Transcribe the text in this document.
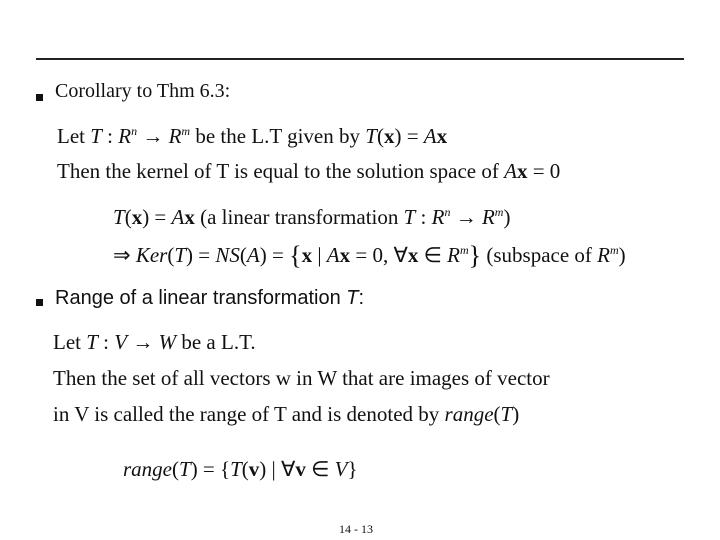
Corollary to Thm 6.3:
Let T : $R^n \to R^m$ be the L.T given by T(x) = Ax
Then the kernel of T is equal to the solution space of Ax = 0
T(x) = Ax (a linear transformation T : $R^n \to R^m$)
⇒ Ker(T) = NS(A) = {x | Ax = 0, ∀x ∈ $R^m$} (subspace of $R^m$)
Range of a linear transformation T:
Let T : V → W be a L.T.
Then the set of all vectors w in W that are images of vector
in V is called the range of T and is denoted by range(T)
range(T) = {T(v) | ∀v ∈ V}
14 - 13
